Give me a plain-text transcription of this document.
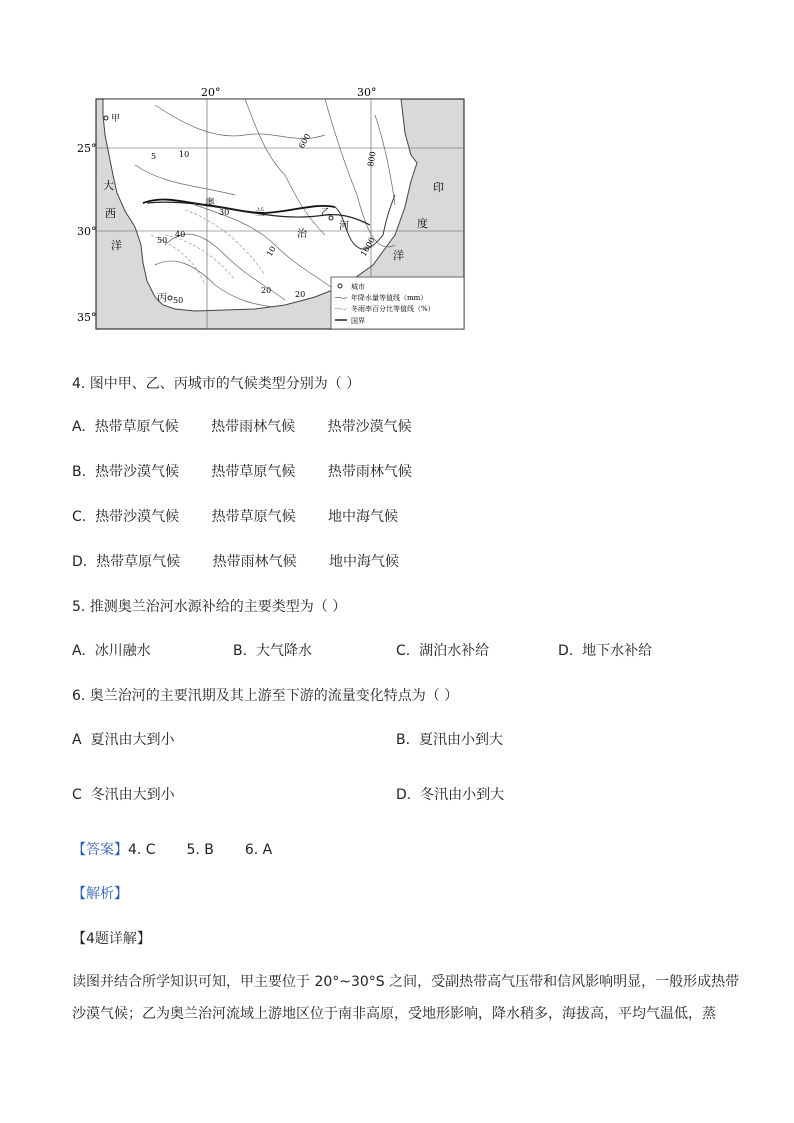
20°	30°
25°
30°
35°
甲
乙
丙
大
西
洋
印
度
洋
奥
兰
治
河
5	10
600
800
30
40
50
50
20	20
10	1000
城市
年降水量等值线（mm）
冬雨率百分比等值线（%）
国界
4. 图中甲、乙、丙城市的气候类型分别为（ ）
A. 热带草原气候 热带雨林气候 热带沙漠气候
B. 热带沙漠气候 热带草原气候 热带雨林气候
C. 热带沙漠气候 热带草原气候 地中海气候
D. 热带草原气候 热带雨林气候 地中海气候
5. 推测奥兰治河水源补给的主要类型为（ ）
A. 冰川融水	B. 大气降水	C. 湖泊水补给	D. 地下水补给
6. 奥兰治河的主要汛期及其上游至下游的流量变化特点为（ ）
A 夏汛由大到小	B. 夏汛由小到大
C 冬汛由大到小	D. 冬汛由小到大
【答案】4. C 5. B 6. A
【解析】
【4题详解】
读图并结合所学知识可知，甲主要位于 20°~30°S 之间，受副热带高气压带和信风影响明显，一般形成热带
沙漠气候；乙为奥兰治河流域上游地区位于南非高原，受地形影响，降水稍多，海拔高，平均气温低，蒸
